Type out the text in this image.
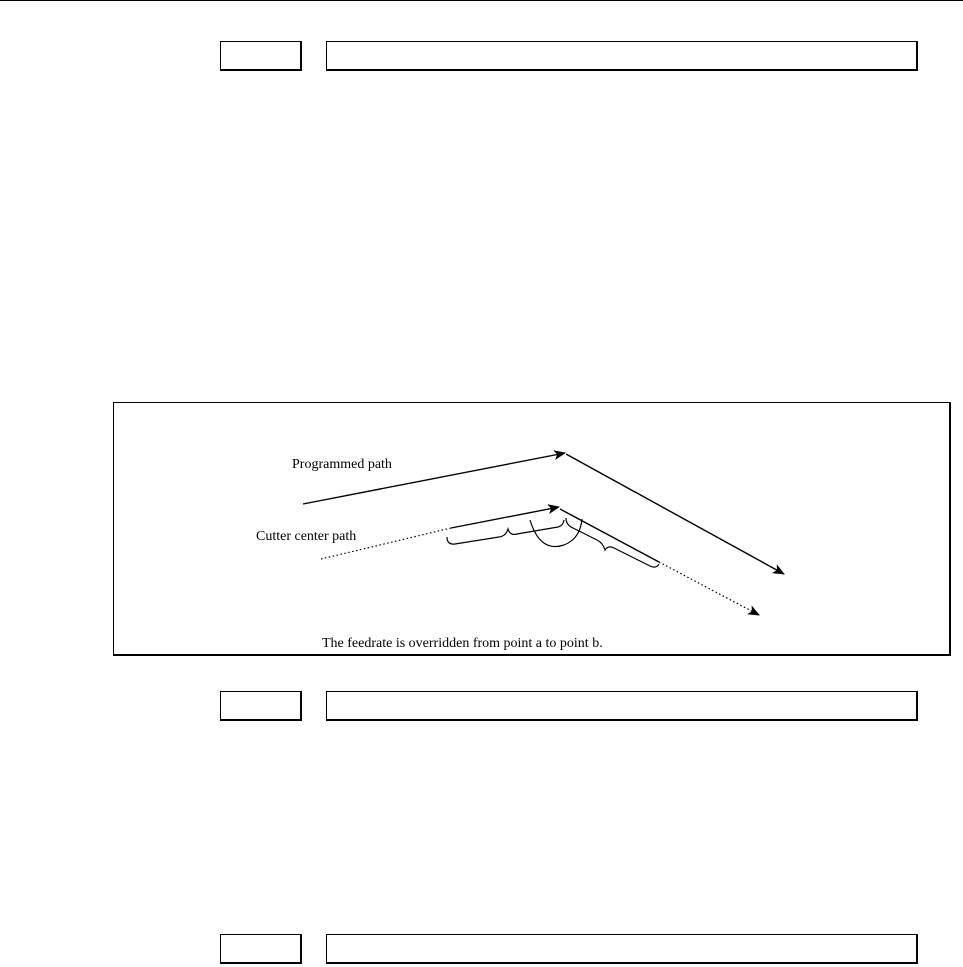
Programmed path
Cutter center path
The feedrate is overridden from point a to point b.
